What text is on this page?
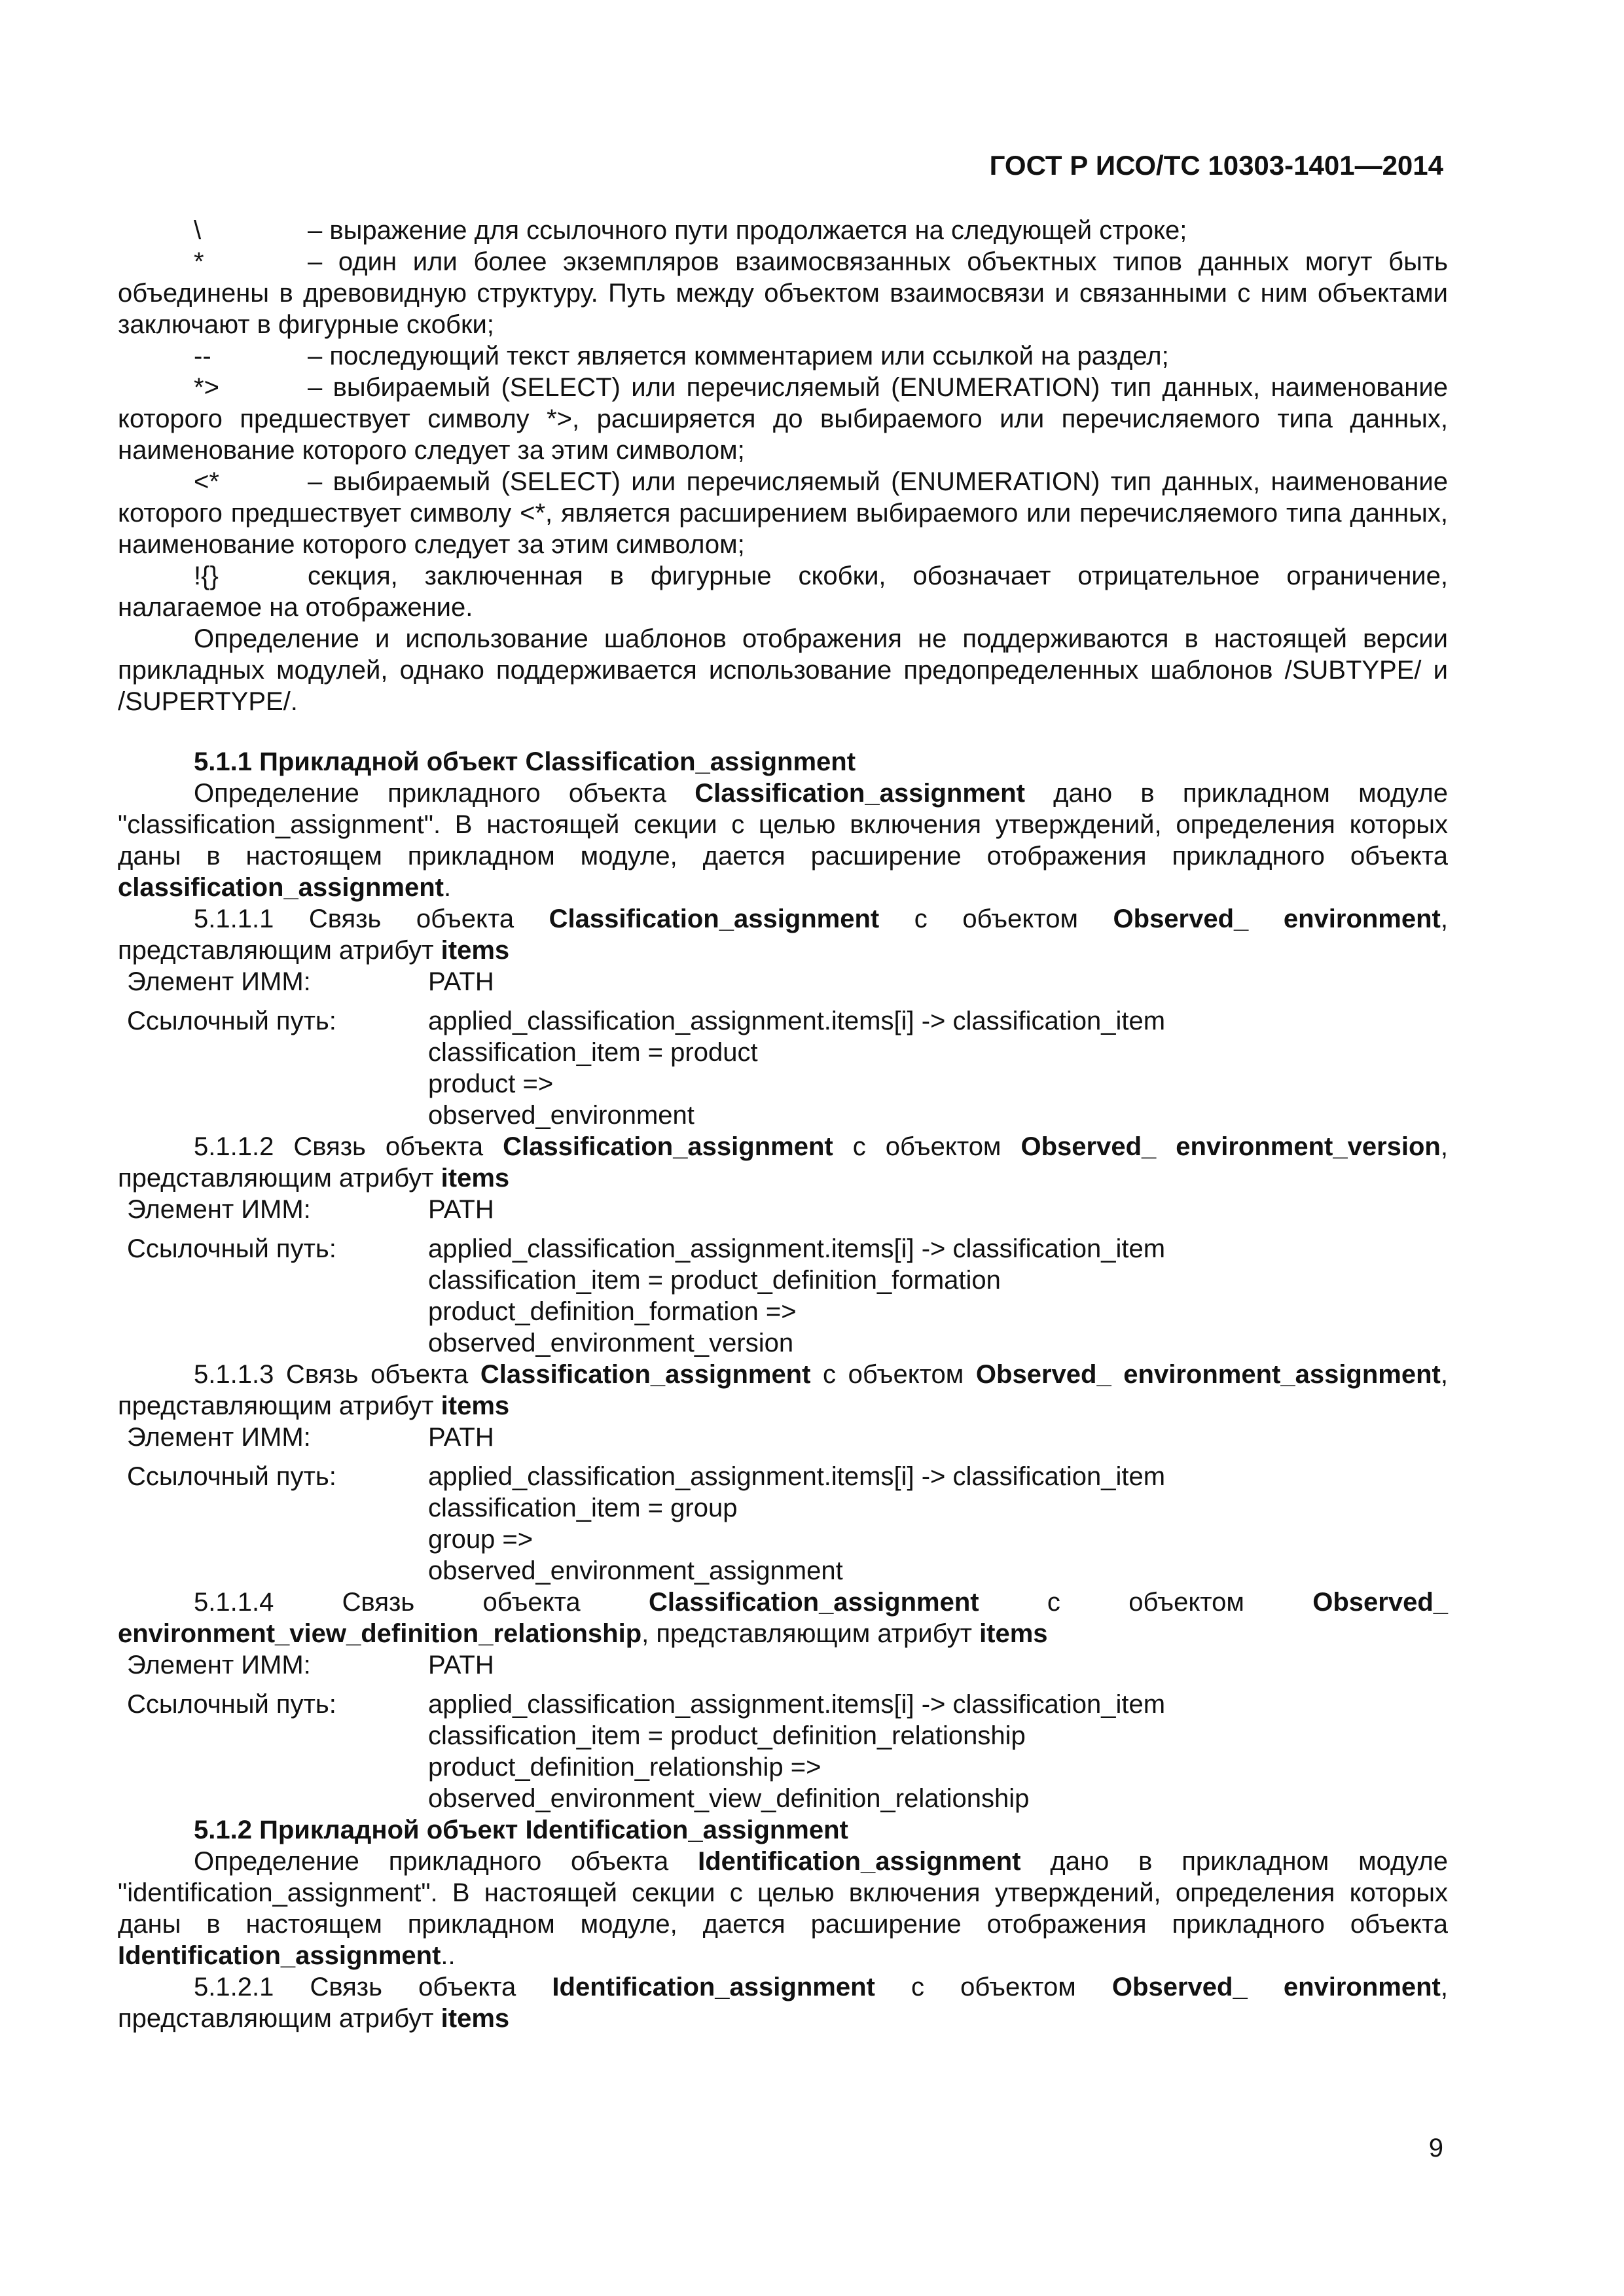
ГОСТ Р ИСО/ТС 10303-1401—2014

\	– выражение для ссылочного пути продолжается на следующей строке;

*	– один или более экземпляров взаимосвязанных объектных типов данных могут быть объединены в древовидную структуру. Путь между объектом взаимосвязи и связанными с ним объектами заключают в фигурные скобки;

--	– последующий текст является комментарием или ссылкой на раздел;

*>	– выбираемый (SELECT) или перечисляемый (ENUMERATION) тип данных, наименование которого предшествует символу *>, расширяется до выбираемого или перечисляемого типа данных, наименование которого следует за этим символом;

<*	– выбираемый (SELECT) или перечисляемый (ENUMERATION) тип данных, наименование которого предшествует символу <*, является расширением выбираемого или перечисляемого типа данных, наименование которого следует за этим символом;

!{}	секция, заключенная в фигурные скобки, обозначает отрицательное ограничение, налагаемое на отображение.

Определение и использование шаблонов отображения не поддерживаются в настоящей версии прикладных модулей, однако поддерживается использование предопределенных шаблонов /SUBTYPE/ и /SUPERTYPE/.

5.1.1 Прикладной объект Classification_assignment

Определение прикладного объекта Classification_assignment дано в прикладном модуле "classification_assignment". В настоящей секции с целью включения утверждений, определения которых даны в настоящем прикладном модуле, дается расширение отображения прикладного объекта classification_assignment.

5.1.1.1 Связь объекта Classification_assignment с объектом Observed_ environment, представляющим атрибут items

Элемент ИММ:	PATH
Ссылочный путь:	applied_classification_assignment.items[i] -> classification_item
classification_item = product
product =>
observed_environment

5.1.1.2 Связь объекта Classification_assignment с объектом Observed_ environment_version, представляющим атрибут items

Элемент ИММ:	PATH
Ссылочный путь:	applied_classification_assignment.items[i] -> classification_item
classification_item = product_definition_formation
product_definition_formation =>
observed_environment_version

5.1.1.3 Связь объекта Classification_assignment с объектом Observed_ environment_assignment, представляющим атрибут items

Элемент ИММ:	PATH
Ссылочный путь:	applied_classification_assignment.items[i] -> classification_item
classification_item = group
group =>
observed_environment_assignment

5.1.1.4 Связь объекта Classification_assignment с объектом Observed_ environment_view_definition_relationship, представляющим атрибут items

Элемент ИММ:	PATH
Ссылочный путь:	applied_classification_assignment.items[i] -> classification_item
classification_item = product_definition_relationship
product_definition_relationship =>
observed_environment_view_definition_relationship

5.1.2 Прикладной объект Identification_assignment

Определение прикладного объекта Identification_assignment дано в прикладном модуле "identification_assignment". В настоящей секции с целью включения утверждений, определения которых даны в настоящем прикладном модуле, дается расширение отображения прикладного объекта Identification_assignment..

5.1.2.1 Связь объекта Identification_assignment с объектом Observed_ environment, представляющим атрибут items

9
